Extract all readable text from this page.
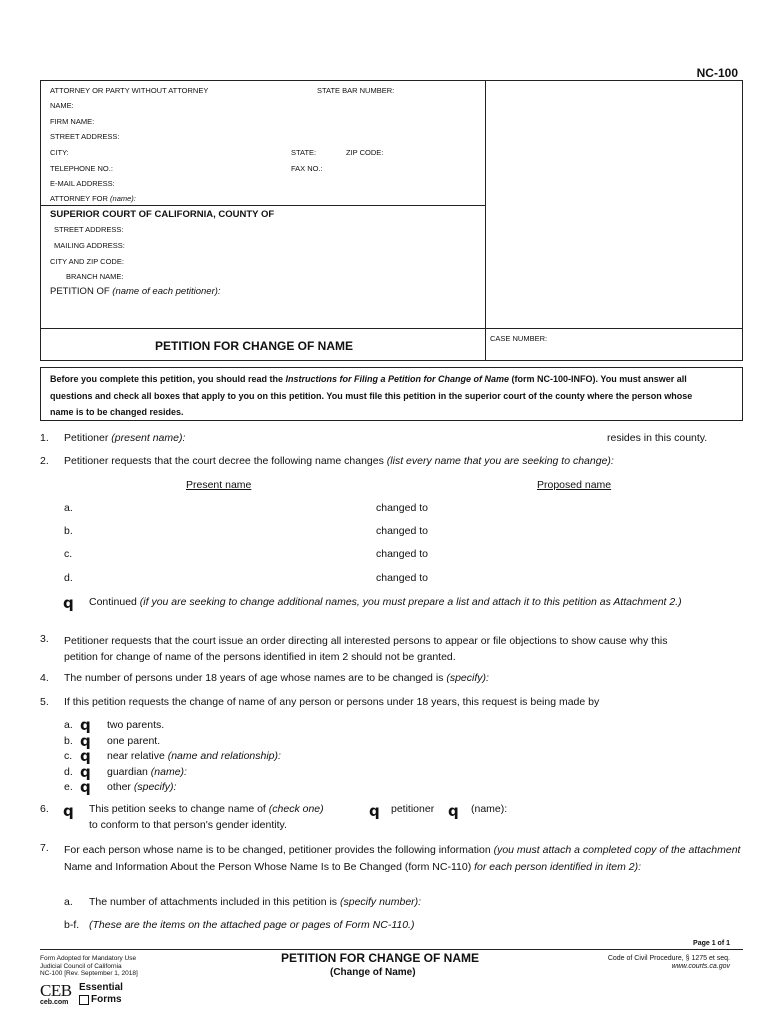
NC-100
ATTORNEY OR PARTY WITHOUT ATTORNEY	STATE BAR NUMBER:
NAME:
FIRM NAME:
STREET ADDRESS:
CITY:	STATE:	ZIP CODE:
TELEPHONE NO.:	FAX NO.:
E-MAIL ADDRESS:
ATTORNEY FOR (name):
SUPERIOR COURT OF CALIFORNIA, COUNTY OF
STREET ADDRESS:
MAILING ADDRESS:
CITY AND ZIP CODE:
BRANCH NAME:
PETITION OF (name of each petitioner):
PETITION FOR CHANGE OF NAME
CASE NUMBER:
Before you complete this petition, you should read the Instructions for Filing a Petition for Change of Name (form NC-100-INFO). You must answer all questions and check all boxes that apply to you on this petition. You must file this petition in the superior court of the county where the person whose name is to be changed resides.
1. Petitioner (present name):	resides in this county.
2. Petitioner requests that the court decree the following name changes (list every name that you are seeking to change):
Present name	Proposed name
a.	changed to
b.	changed to
c.	changed to
d.	changed to
q Continued (if you are seeking to change additional names, you must prepare a list and attach it to this petition as Attachment 2.)
3. Petitioner requests that the court issue an order directing all interested persons to appear or file objections to show cause why this petition for change of name of the persons identified in item 2 should not be granted.
4. The number of persons under 18 years of age whose names are to be changed is (specify):
5. If this petition requests the change of name of any person or persons under 18 years, this request is being made by
a. q two parents.
b. q one parent.
c. q near relative (name and relationship):
d. q guardian (name):
e. q other (specify):
6. q This petition seeks to change name of (check one)	q petitioner q (name):
to conform to that person's gender identity.
7. For each person whose name is to be changed, petitioner provides the following information (you must attach a completed copy of the attachment Name and Information About the Person Whose Name Is to Be Changed (form NC-110) for each person identified in item 2):
a. The number of attachments included in this petition is (specify number):
b-f. (These are the items on the attached page or pages of Form NC-110.)
Page 1 of 1
Form Adopted for Mandatory Use
Judicial Council of California
NC-100 [Rev. September 1, 2018]
PETITION FOR CHANGE OF NAME
(Change of Name)
Code of Civil Procedure, § 1275 et seq.
www.courts.ca.gov
CEB
ceb.com
Essential
Forms
